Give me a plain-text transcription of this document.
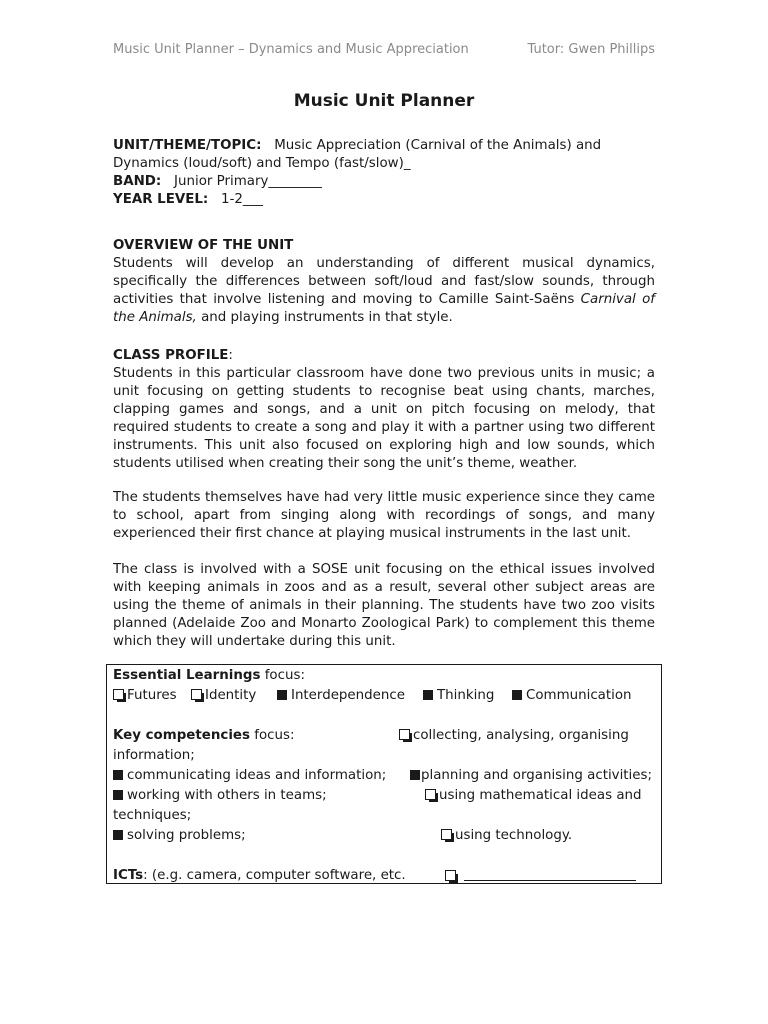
Music Unit Planner – Dynamics and Music Appreciation	Tutor: Gwen Phillips
Music Unit Planner
UNIT/THEME/TOPIC: Music Appreciation (Carnival of the Animals) and
Dynamics (loud/soft) and Tempo (fast/slow)_
BAND: Junior Primary________
YEAR LEVEL: 1-2___
OVERVIEW OF THE UNIT
Students will develop an understanding of different musical dynamics, specifically the differences between soft/loud and fast/slow sounds, through activities that involve listening and moving to Camille Saint-Saëns Carnival of the Animals, and playing instruments in that style.
CLASS PROFILE:
Students in this particular classroom have done two previous units in music; a unit focusing on getting students to recognise beat using chants, marches, clapping games and songs, and a unit on pitch focusing on melody, that required students to create a song and play it with a partner using two different instruments. This unit also focused on exploring high and low sounds, which students utilised when creating their song the unit’s theme, weather.
The students themselves have had very little music experience since they came to school, apart from singing along with recordings of songs, and many experienced their first chance at playing musical instruments in the last unit.
The class is involved with a SOSE unit focusing on the ethical issues involved with keeping animals in zoos and as a result, several other subject areas are using the theme of animals in their planning. The students have two zoo visits planned (Adelaide Zoo and Monarto Zoological Park) to complement this theme which they will undertake during this unit.
Essential Learnings focus:
Futures	Identity	Interdependence	Thinking	Communication
Key competencies focus:	collecting, analysing, organising
information;
communicating ideas and information;	planning and organising activities;
working with others in teams;	using mathematical ideas and
techniques;
solving problems;	using technology.
ICTs: (e.g. camera, computer software, etc.
